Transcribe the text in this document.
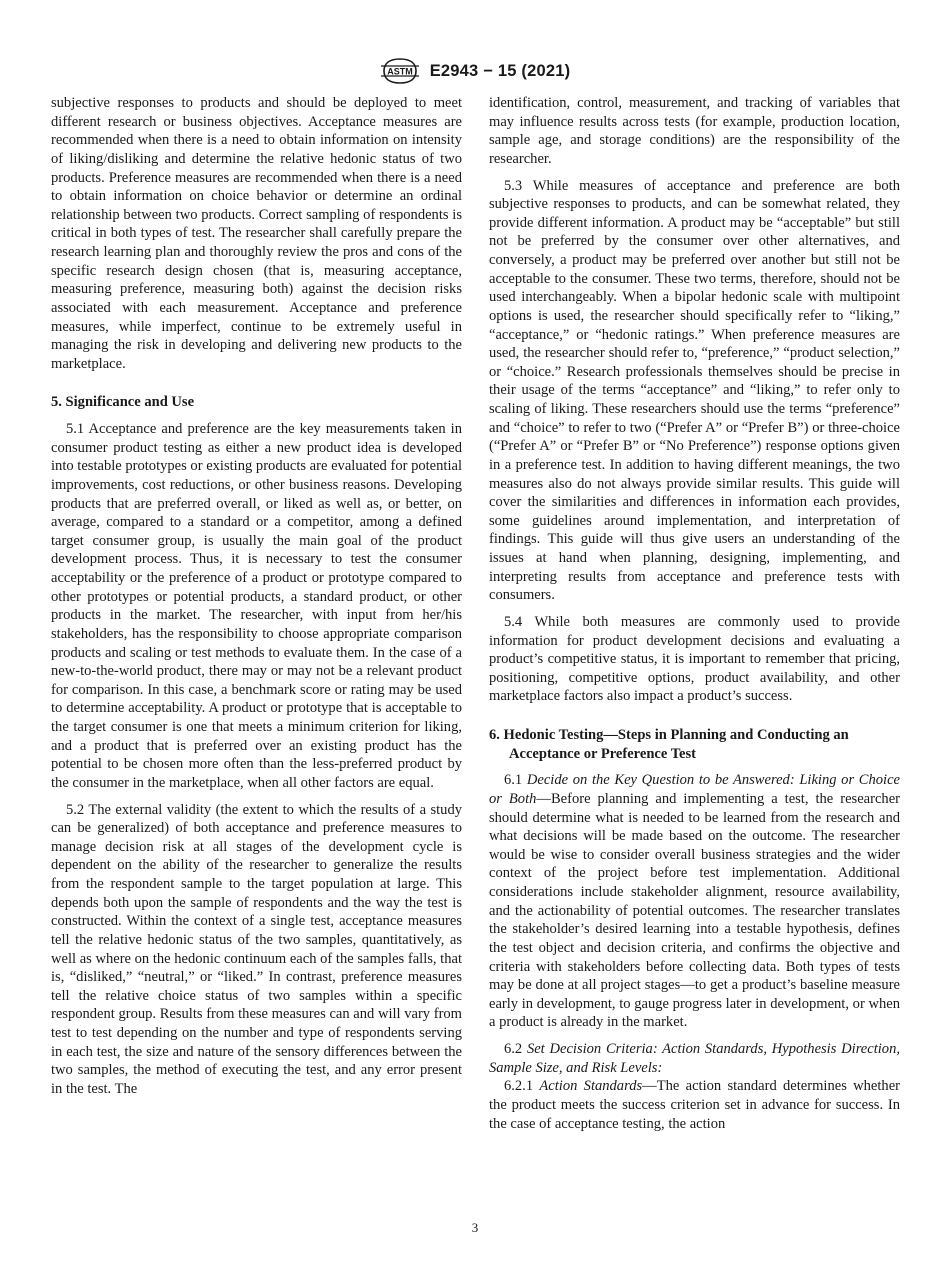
ASTM E2943 − 15 (2021)

subjective responses to products and should be deployed to meet different research or business objectives. Acceptance measures are recommended when there is a need to obtain information on intensity of liking/disliking and determine the relative hedonic status of two products. Preference measures are recommended when there is a need to obtain information on choice behavior or determine an ordinal relationship between two products. Correct sampling of respondents is critical in both types of test. The researcher shall carefully prepare the research learning plan and thoroughly review the pros and cons of the specific research design chosen (that is, measuring acceptance, measuring preference, measuring both) against the decision risks associated with each measurement. Acceptance and preference measures, while imperfect, continue to be extremely useful in managing the risk in developing and delivering new products to the marketplace.

5. Significance and Use

5.1 Acceptance and preference are the key measurements taken in consumer product testing as either a new product idea is developed into testable prototypes or existing products are evaluated for potential improvements, cost reductions, or other business reasons. Developing products that are preferred overall, or liked as well as, or better, on average, compared to a standard or a competitor, among a defined target consumer group, is usually the main goal of the product development process. Thus, it is necessary to test the consumer acceptability or the preference of a product or prototype compared to other prototypes or potential products, a standard product, or other products in the market. The researcher, with input from her/his stakeholders, has the responsibility to choose appropriate comparison products and scaling or test methods to evaluate them. In the case of a new-to-the-world product, there may or may not be a relevant product for comparison. In this case, a benchmark score or rating may be used to determine acceptability. A product or prototype that is acceptable to the target consumer is one that meets a minimum criterion for liking, and a product that is preferred over an existing product has the potential to be chosen more often than the less-preferred product by the consumer in the marketplace, when all other factors are equal.

5.2 The external validity (the extent to which the results of a study can be generalized) of both acceptance and preference measures to manage decision risk at all stages of the development cycle is dependent on the ability of the researcher to generalize the results from the respondent sample to the target population at large. This depends both upon the sample of respondents and the way the test is constructed. Within the context of a single test, acceptance measures tell the relative hedonic status of the two samples, quantitatively, as well as where on the hedonic continuum each of the samples falls, that is, “disliked,” “neutral,” or “liked.” In contrast, preference measures tell the relative choice status of two samples within a specific respondent group. Results from these measures can and will vary from test to test depending on the number and type of respondents serving in each test, the size and nature of the sensory differences between the two samples, the method of executing the test, and any error present in the test. The

identification, control, measurement, and tracking of variables that may influence results across tests (for example, production location, sample age, and storage conditions) are the responsibility of the researcher.

5.3 While measures of acceptance and preference are both subjective responses to products, and can be somewhat related, they provide different information. A product may be “acceptable” but still not be preferred by the consumer over other alternatives, and conversely, a product may be preferred over another but still not be acceptable to the consumer. These two terms, therefore, should not be used interchangeably. When a bipolar hedonic scale with multipoint options is used, the researcher should specifically refer to “liking,” “acceptance,” or “hedonic ratings.” When preference measures are used, the researcher should refer to, “preference,” “product selection,” or “choice.” Research professionals themselves should be precise in their usage of the terms “acceptance” and “liking,” to refer only to scaling of liking. These researchers should use the terms “preference” and “choice” to refer to two (“Prefer A” or “Prefer B”) or three-choice (“Prefer A” or “Prefer B” or “No Preference”) response options given in a preference test. In addition to having different meanings, the two measures also do not always provide similar results. This guide will cover the similarities and differences in information each provides, some guidelines around implementation, and interpretation of findings. This guide will thus give users an understanding of the issues at hand when planning, designing, implementing, and interpreting results from acceptance and preference tests with consumers.

5.4 While both measures are commonly used to provide information for product development decisions and evaluating a product’s competitive status, it is important to remember that pricing, positioning, competitive options, product availability, and other marketplace factors also impact a product’s success.

6. Hedonic Testing—Steps in Planning and Conducting an Acceptance or Preference Test

6.1 Decide on the Key Question to be Answered: Liking or Choice or Both—Before planning and implementing a test, the researcher should determine what is needed to be learned from the research and what decisions will be made based on the outcome. The researcher would be wise to consider overall business strategies and the wider context of the project before test implementation. Additional considerations include stakeholder alignment, resource availability, and the actionability of potential outcomes. The researcher translates the stakeholder’s desired learning into a testable hypothesis, defines the test object and decision criteria, and confirms the objective and criteria with stakeholders before collecting data. Both types of tests may be done at all project stages—to get a product’s baseline measure early in development, to gauge progress later in development, or when a product is already in the market.

6.2 Set Decision Criteria: Action Standards, Hypothesis Direction, Sample Size, and Risk Levels:

6.2.1 Action Standards—The action standard determines whether the product meets the success criterion set in advance for success. In the case of acceptance testing, the action

3
